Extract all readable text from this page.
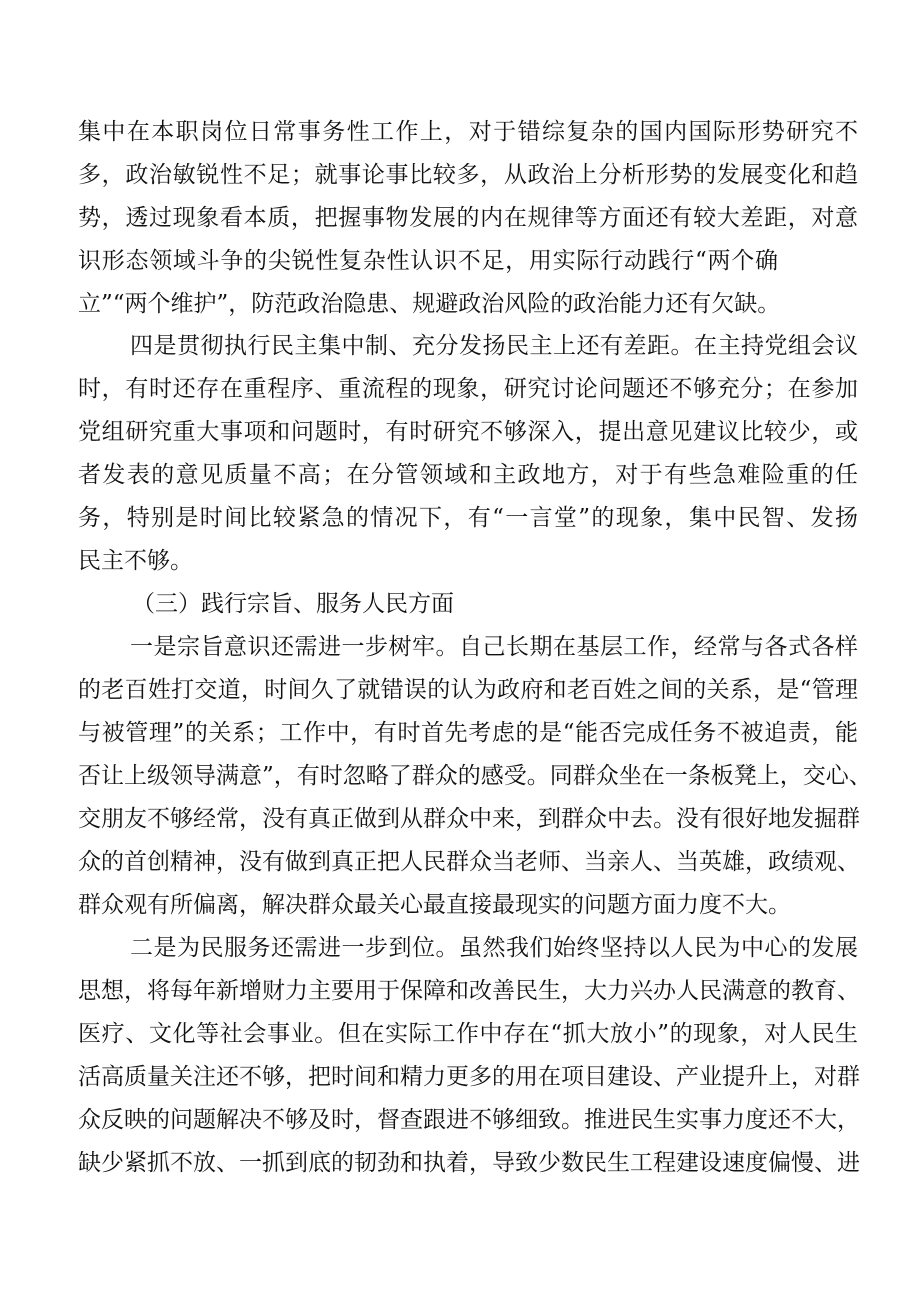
集中在本职岗位日常事务性工作上，对于错综复杂的国内国际形势研究不
多，政治敏锐性不足；就事论事比较多，从政治上分析形势的发展变化和趋
势，透过现象看本质，把握事物发展的内在规律等方面还有较大差距，对意
识形态领域斗争的尖锐性复杂性认识不足，用实际行动践行“两个确
立”“两个维护”，防范政治隐患、规避政治风险的政治能力还有欠缺。
四是贯彻执行民主集中制、充分发扬民主上还有差距。在主持党组会议
时，有时还存在重程序、重流程的现象，研究讨论问题还不够充分；在参加
党组研究重大事项和问题时，有时研究不够深入，提出意见建议比较少，或
者发表的意见质量不高；在分管领域和主政地方，对于有些急难险重的任
务，特别是时间比较紧急的情况下，有“一言堂”的现象，集中民智、发扬
民主不够。
（三）践行宗旨、服务人民方面
一是宗旨意识还需进一步树牢。自己长期在基层工作，经常与各式各样
的老百姓打交道，时间久了就错误的认为政府和老百姓之间的关系，是“管理
与被管理”的关系；工作中，有时首先考虑的是“能否完成任务不被追责，能
否让上级领导满意”，有时忽略了群众的感受。同群众坐在一条板凳上，交心、
交朋友不够经常，没有真正做到从群众中来，到群众中去。没有很好地发掘群
众的首创精神，没有做到真正把人民群众当老师、当亲人、当英雄，政绩观、
群众观有所偏离，解决群众最关心最直接最现实的问题方面力度不大。
二是为民服务还需进一步到位。虽然我们始终坚持以人民为中心的发展
思想，将每年新增财力主要用于保障和改善民生，大力兴办人民满意的教育、
医疗、文化等社会事业。但在实际工作中存在“抓大放小”的现象，对人民生
活高质量关注还不够，把时间和精力更多的用在项目建设、产业提升上，对群
众反映的问题解决不够及时，督查跟进不够细致。推进民生实事力度还不大，
缺少紧抓不放、一抓到底的韧劲和执着，导致少数民生工程建设速度偏慢、进
